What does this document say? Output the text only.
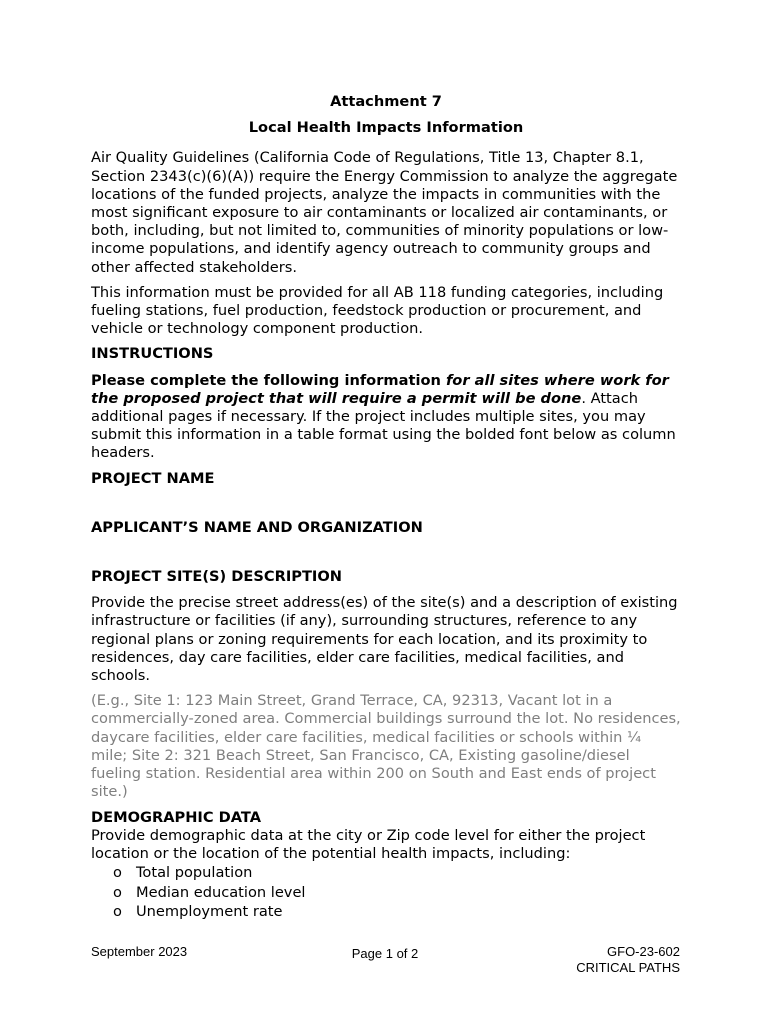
Attachment 7
Local Health Impacts Information

Air Quality Guidelines (California Code of Regulations, Title 13, Chapter 8.1, Section 2343(c)(6)(A)) require the Energy Commission to analyze the aggregate locations of the funded projects, analyze the impacts in communities with the most significant exposure to air contaminants or localized air contaminants, or both, including, but not limited to, communities of minority populations or low-income populations, and identify agency outreach to community groups and other affected stakeholders.

This information must be provided for all AB 118 funding categories, including fueling stations, fuel production, feedstock production or procurement, and vehicle or technology component production.

INSTRUCTIONS

Please complete the following information for all sites where work for the proposed project that will require a permit will be done. Attach additional pages if necessary. If the project includes multiple sites, you may submit this information in a table format using the bolded font below as column headers.

PROJECT NAME
APPLICANT’S NAME AND ORGANIZATION
PROJECT SITE(S) DESCRIPTION

Provide the precise street address(es) of the site(s) and a description of existing infrastructure or facilities (if any), surrounding structures, reference to any regional plans or zoning requirements for each location, and its proximity to residences, day care facilities, elder care facilities, medical facilities, and schools.

(E.g., Site 1: 123 Main Street, Grand Terrace, CA, 92313, Vacant lot in a commercially-zoned area. Commercial buildings surround the lot. No residences, daycare facilities, elder care facilities, medical facilities or schools within ¼ mile; Site 2: 321 Beach Street, San Francisco, CA, Existing gasoline/diesel fueling station. Residential area within 200 on South and East ends of project site.)

DEMOGRAPHIC DATA

Provide demographic data at the city or Zip code level for either the project location or the location of the potential health impacts, including:

o Total population
o Median education level
o Unemployment rate
September 2023	Page 1 of 2	GFO-23-602
CRITICAL PATHS
